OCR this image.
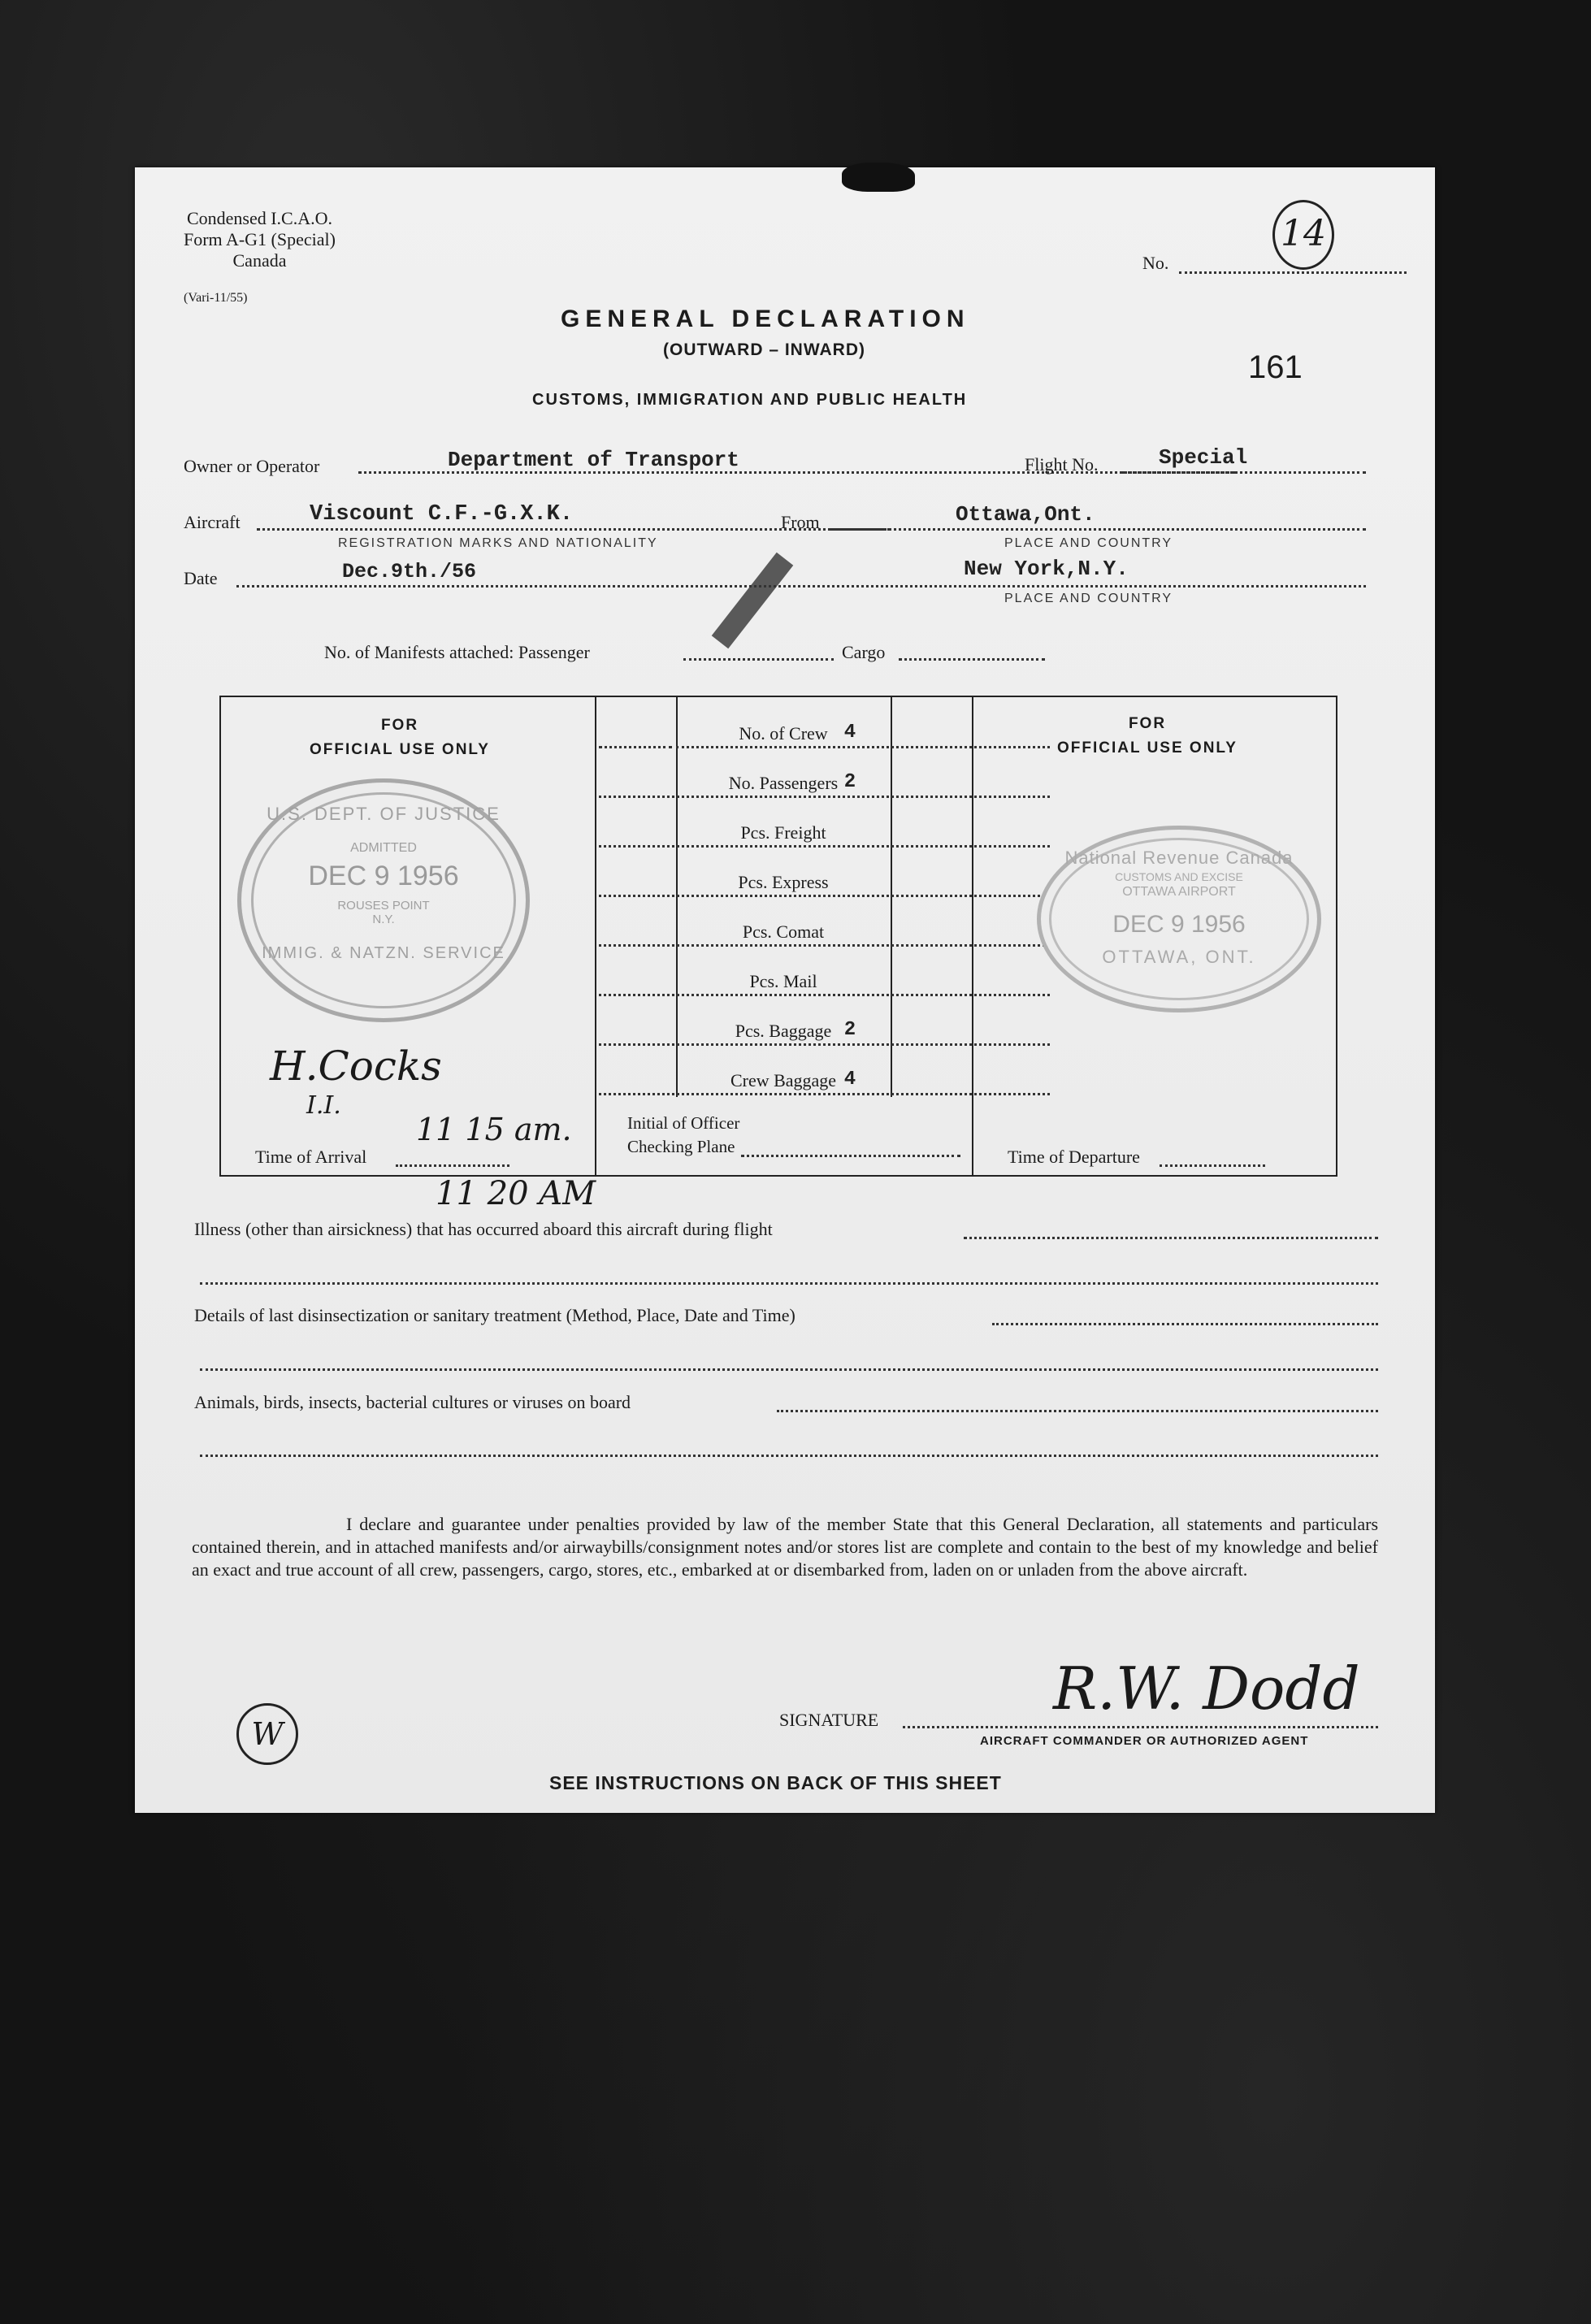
Condensed I.C.A.O.
Form A-G1 (Special)
Canada
(Vari-11/55)
No.
14
GENERAL DECLARATION
(OUTWARD – INWARD)	161
CUSTOMS, IMMIGRATION AND PUBLIC HEALTH
Owner or Operator	Department of Transport	Flight No.	Special
Aircraft	Viscount C.F.-G.X.K.
REGISTRATION MARKS AND NATIONALITY
From	Ottawa,Ont.
PLACE AND COUNTRY
Date	Dec.9th./56	New York,N.Y.
PLACE AND COUNTRY
No. of Manifests attached: Passenger	Cargo
FOR
OFFICIAL USE ONLY
FOR
OFFICIAL USE ONLY
U.S. DEPT. OF JUSTICE
ADMITTED
DEC 9 1956
ROUSES POINT
N.Y.
IMMIG. & NATZN. SERVICE
H.Cocks
I.I.
Time of Arrival
11 15 am.
No. of Crew 4
No. Passengers 2
Pcs. Freight
Pcs. Express
Pcs. Comat
Pcs. Mail
Pcs. Baggage 2
Crew Baggage 4
Initial of Officer
Checking Plane	Time of Departure
National Revenue Canada
CUSTOMS AND EXCISE
OTTAWA AIRPORT
DEC 9 1956
OTTAWA, ONT.
11 20 AM
Illness (other than airsickness) that has occurred aboard this aircraft during flight
Details of last disinsectization or sanitary treatment (Method, Place, Date and Time)
Animals, birds, insects, bacterial cultures or viruses on board
I declare and guarantee under penalties provided by law of the member State that this General Declaration, all statements and particulars contained therein, and in attached manifests and/or airwaybills/consignment notes and/or stores list are complete and contain to the best of my knowledge and belief an exact and true account of all crew, passengers, cargo, stores, etc., embarked at or disembarked from, laden on or unladen from the above aircraft.
W	SIGNATURE	R.W. Dodd
AIRCRAFT COMMANDER OR AUTHORIZED AGENT
SEE INSTRUCTIONS ON BACK OF THIS SHEET
